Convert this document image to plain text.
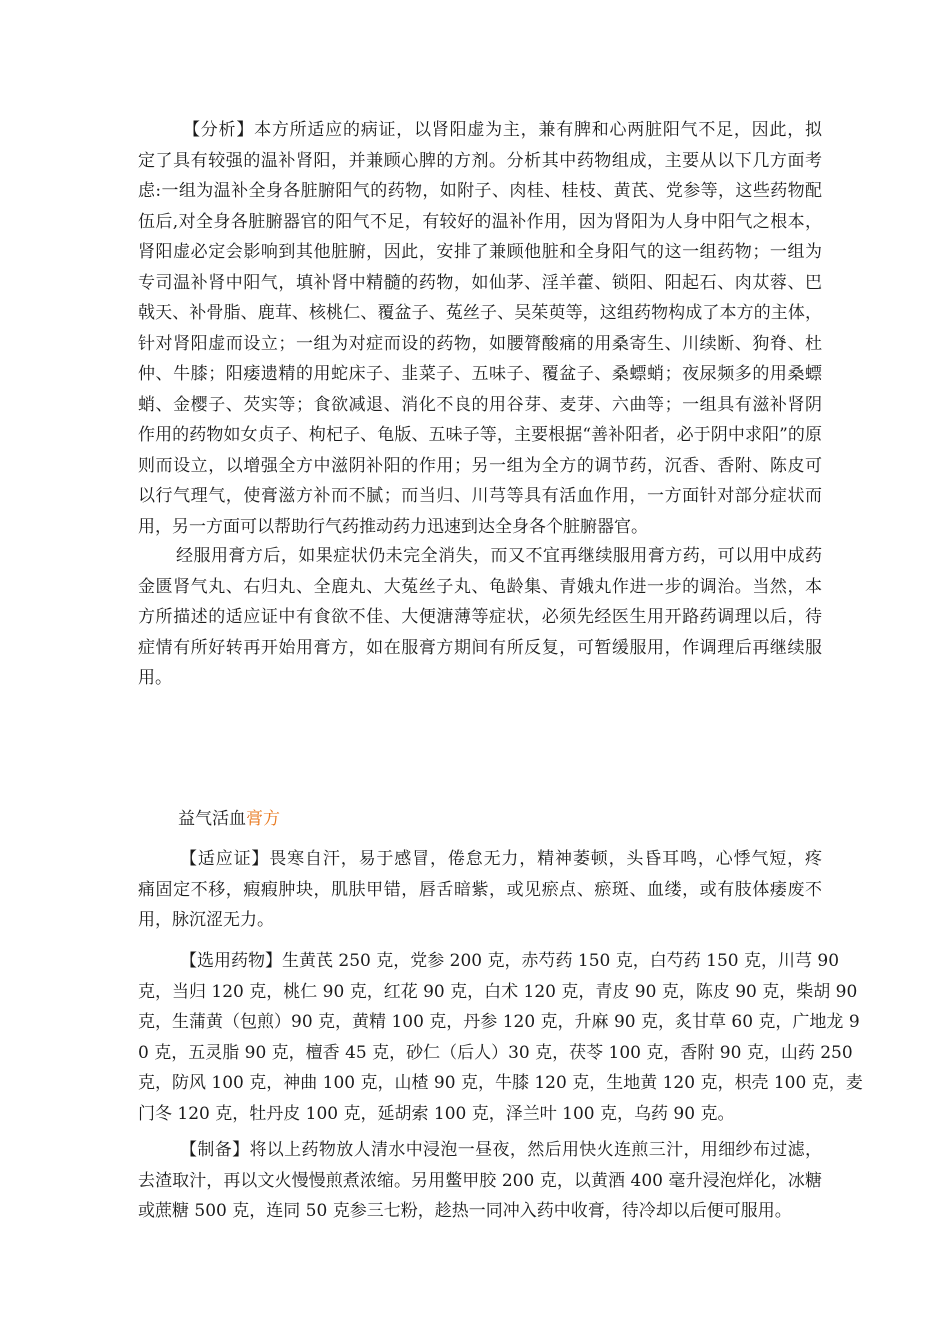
【分析】本方所适应的病证，以肾阳虚为主，兼有脾和心两脏阳气不足，因此，拟
定了具有较强的温补肾阳，并兼顾心脾的方剂。分析其中药物组成，主要从以下几方面考
虑:一组为温补全身各脏腑阳气的药物，如附子、肉桂、桂枝、黄芪、党参等，这些药物配
伍后,对全身各脏腑器官的阳气不足，有较好的温补作用，因为肾阳为人身中阳气之根本，
肾阳虚必定会影响到其他脏腑，因此，安排了兼顾他脏和全身阳气的这一组药物；一组为
专司温补肾中阳气，填补肾中精髓的药物，如仙茅、淫羊藿、锁阳、阳起石、肉苁蓉、巴
戟天、补骨脂、鹿茸、核桃仁、覆盆子、菟丝子、吴茱萸等，这组药物构成了本方的主体，
针对肾阳虚而设立；一组为对症而设的药物，如腰膂酸痛的用桑寄生、川续断、狗脊、杜
仲、牛膝；阳痿遗精的用蛇床子、韭菜子、五味子、覆盆子、桑螵蛸；夜尿频多的用桑螵
蛸、金樱子、芡实等；食欲减退、消化不良的用谷芽、麦芽、六曲等；一组具有滋补肾阴
作用的药物如女贞子、枸杞子、龟版、五味子等，主要根据“善补阳者，必于阴中求阳”的原
则而设立，以增强全方中滋阴补阳的作用；另一组为全方的调节药，沉香、香附、陈皮可
以行气理气，使膏滋方补而不腻；而当归、川芎等具有活血作用，一方面针对部分症状而
用，另一方面可以帮助行气药推动药力迅速到达全身各个脏腑器官。

经服用膏方后，如果症状仍未完全消失，而又不宜再继续服用膏方药，可以用中成药
金匮肾气丸、右归丸、全鹿丸、大菟丝子丸、龟龄集、青娥丸作进一步的调治。当然，本
方所描述的适应证中有食欲不佳、大便溏薄等症状，必须先经医生用开路药调理以后，待
症情有所好转再开始用膏方，如在服膏方期间有所反复，可暂缓服用，作调理后再继续服
用。

益气活血膏方

【适应证】畏寒自汗，易于感冒，倦怠无力，精神萎顿，头昏耳鸣，心悸气短，疼
痛固定不移，瘕瘕肿块，肌肤甲错，唇舌暗紫，或见瘀点、瘀斑、血缕，或有肢体痿废不
用，脉沉涩无力。

【选用药物】生黄芪 250 克，党参 200 克，赤芍药 150 克，白芍药 150 克，川芎 90
克，当归 120 克，桃仁 90 克，红花 90 克，白术 120 克，青皮 90 克，陈皮 90 克，柴胡 90
克，生蒲黄（包煎）90 克，黄精 100 克，丹参 120 克，升麻 90 克，炙甘草 60 克，广地龙 9
0 克，五灵脂 90 克，檀香 45 克，砂仁（后人）30 克，茯苓 100 克，香附 90 克，山药 250
克，防风 100 克，神曲 100 克，山楂 90 克，牛膝 120 克，生地黄 120 克，枳壳 100 克，麦
门冬 120 克，牡丹皮 100 克，延胡索 100 克，泽兰叶 100 克，乌药 90 克。

【制备】将以上药物放人清水中浸泡一昼夜，然后用快火连煎三汁，用细纱布过滤，
去渣取汁，再以文火慢慢煎煮浓缩。另用鳖甲胶 200 克，以黄酒 400 毫升浸泡烊化，冰糖
或蔗糖 500 克，连同 50 克参三七粉，趁热一同冲入药中收膏，待冷却以后便可服用。
